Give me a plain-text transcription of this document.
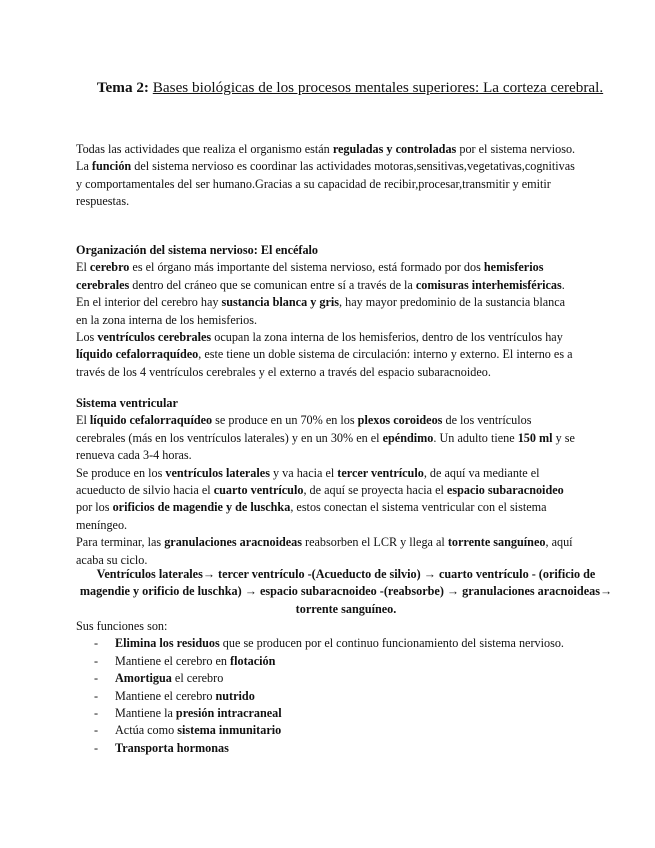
Tema 2: Bases biológicas de los procesos mentales superiores: La corteza cerebral.

Todas las actividades que realiza el organismo están reguladas y controladas por el sistema nervioso.

La función del sistema nervioso es coordinar las actividades motoras,sensitivas,vegetativas,cognitivas y comportamentales del ser humano.Gracias a su capacidad de recibir,procesar,transmitir y emitir respuestas.

Organización del sistema nervioso: El encéfalo

El cerebro es el órgano más importante del sistema nervioso, está formado por dos hemisferios cerebrales dentro del cráneo que se comunican entre sí a través de la comisuras interhemisféricas. En el interior del cerebro hay sustancia blanca y gris, hay mayor predominio de la sustancia blanca en la zona interna de los hemisferios.

Los ventrículos cerebrales ocupan la zona interna de los hemisferios, dentro de los ventrículos hay líquido cefalorraquídeo, este tiene un doble sistema de circulación: interno y externo. El interno es a través de los 4 ventrículos cerebrales y el externo a través del espacio subaracnoideo.

Sistema ventricular

El líquido cefalorraquídeo se produce en un 70% en los plexos coroideos de los ventrículos cerebrales (más en los ventrículos laterales) y en un 30% en el epéndimo. Un adulto tiene 150 ml y se renueva cada 3-4 horas.

Se produce en los ventrículos laterales y va hacia el tercer ventrículo, de aquí va mediante el acueducto de silvio hacia el cuarto ventrículo, de aquí se proyecta hacia el espacio subaracnoideo por los orificios de magendie y de luschka, estos conectan el sistema ventricular con el sistema meníngeo.

Para terminar, las granulaciones aracnoideas reabsorben el LCR y llega al torrente sanguíneo, aquí acaba su ciclo.

Ventrículos laterales→ tercer ventrículo -(Acueducto de silvio) → cuarto ventrículo - (orificio de magendie y orificio de luschka) → espacio subaracnoideo -(reabsorbe) → granulaciones aracnoideas→ torrente sanguíneo.

Sus funciones son:

- Elimina los residuos que se producen por el continuo funcionamiento del sistema nervioso.
- Mantiene el cerebro en flotación
- Amortigua el cerebro
- Mantiene el cerebro nutrido
- Mantiene la presión intracraneal
- Actúa como sistema inmunitario
- Transporta hormonas
